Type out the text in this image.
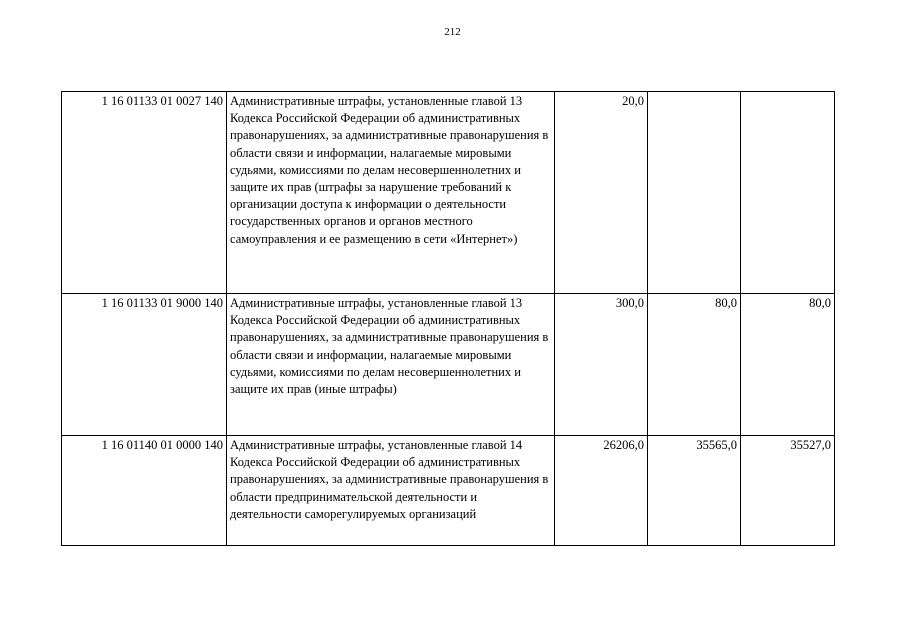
212
1 16 01133 01 0027 140	Административные штрафы, установленные главой 13 Кодекса Российской Федерации об административных правонарушениях, за административные правонарушения в области связи и информации, налагаемые мировыми судьями, комиссиями по делам несовершеннолетних и защите их прав (штрафы за нарушение требований к организации доступа к информации о деятельности государственных органов и органов местного самоуправления и ее размещению в сети «Интернет»)	20,0		
1 16 01133 01 9000 140	Административные штрафы, установленные главой 13 Кодекса Российской Федерации об административных правонарушениях, за административные правонарушения в области связи и информации, налагаемые мировыми судьями, комиссиями по делам несовершеннолетних и защите их прав (иные штрафы)	300,0	80,0	80,0
1 16 01140 01 0000 140	Административные штрафы, установленные главой 14 Кодекса Российской Федерации об административных правонарушениях, за административные правонарушения в области предпринимательской деятельности и деятельности саморегулируемых организаций	26206,0	35565,0	35527,0
